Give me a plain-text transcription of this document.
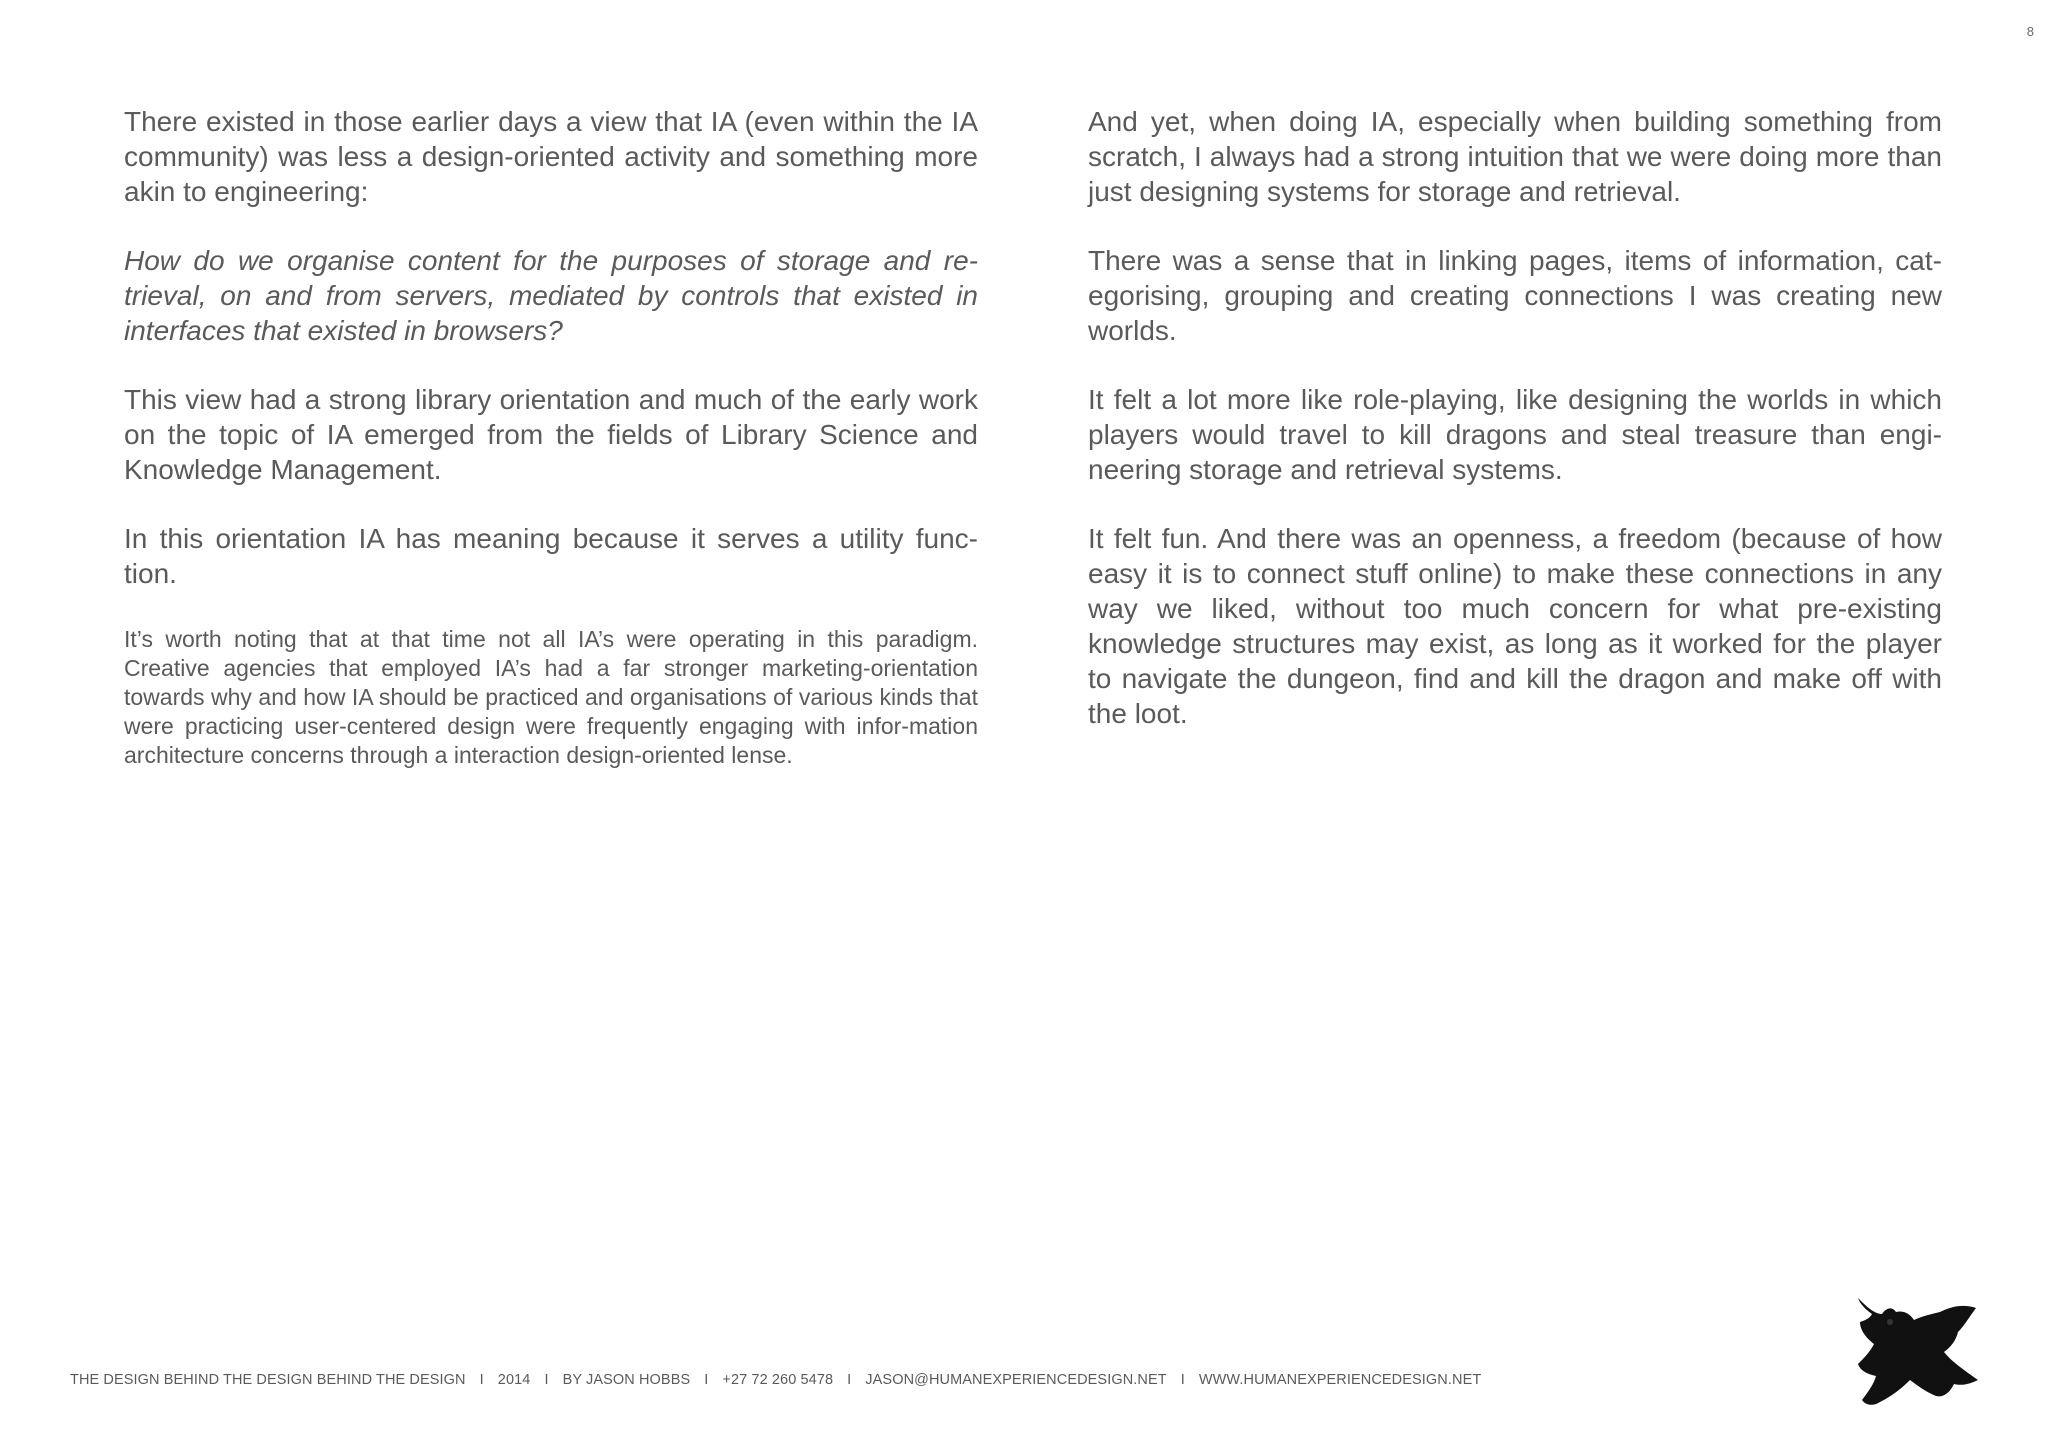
8

There existed in those earlier days a view that IA (even within the IA community) was less a design-oriented activity and something more akin to engineering:

How do we organise content for the purposes of storage and re-trieval, on and from servers, mediated by controls that existed in interfaces that existed in browsers?

This view had a strong library orientation and much of the early work on the topic of IA emerged from the fields of Library Science and Knowledge Management.

In this orientation IA has meaning because it serves a utility func-tion.

It’s worth noting that at that time not all IA’s were operating in this paradigm. Creative agencies that employed IA’s had a far stronger marketing-orientation towards why and how IA should be practiced and organisations of various kinds that were practicing user-centered design were frequently engaging with infor-mation architecture concerns through a interaction design-oriented lense.

And yet, when doing IA, especially when building something from scratch, I always had a strong intuition that we were doing more than just designing systems for storage and retrieval.

There was a sense that in linking pages, items of information, cat-egorising, grouping and creating connections I was creating new worlds.

It felt a lot more like role-playing, like designing the worlds in which players would travel to kill dragons and steal treasure than engi-neering storage and retrieval systems.

It felt fun. And there was an openness, a freedom (because of how easy it is to connect stuff online) to make these connections in any way we liked, without too much concern for what pre-existing knowledge structures may exist, as long as it worked for the player to navigate the dungeon, find and kill the dragon and make off with the loot.

THE DESIGN BEHIND THE DESIGN BEHIND THE DESIGN I 2014 I BY JASON HOBBS I +27 72 260 5478 I JASON@HUMANEXPERIENCEDESIGN.NET I WWW.HUMANEXPERIENCEDESIGN.NET
